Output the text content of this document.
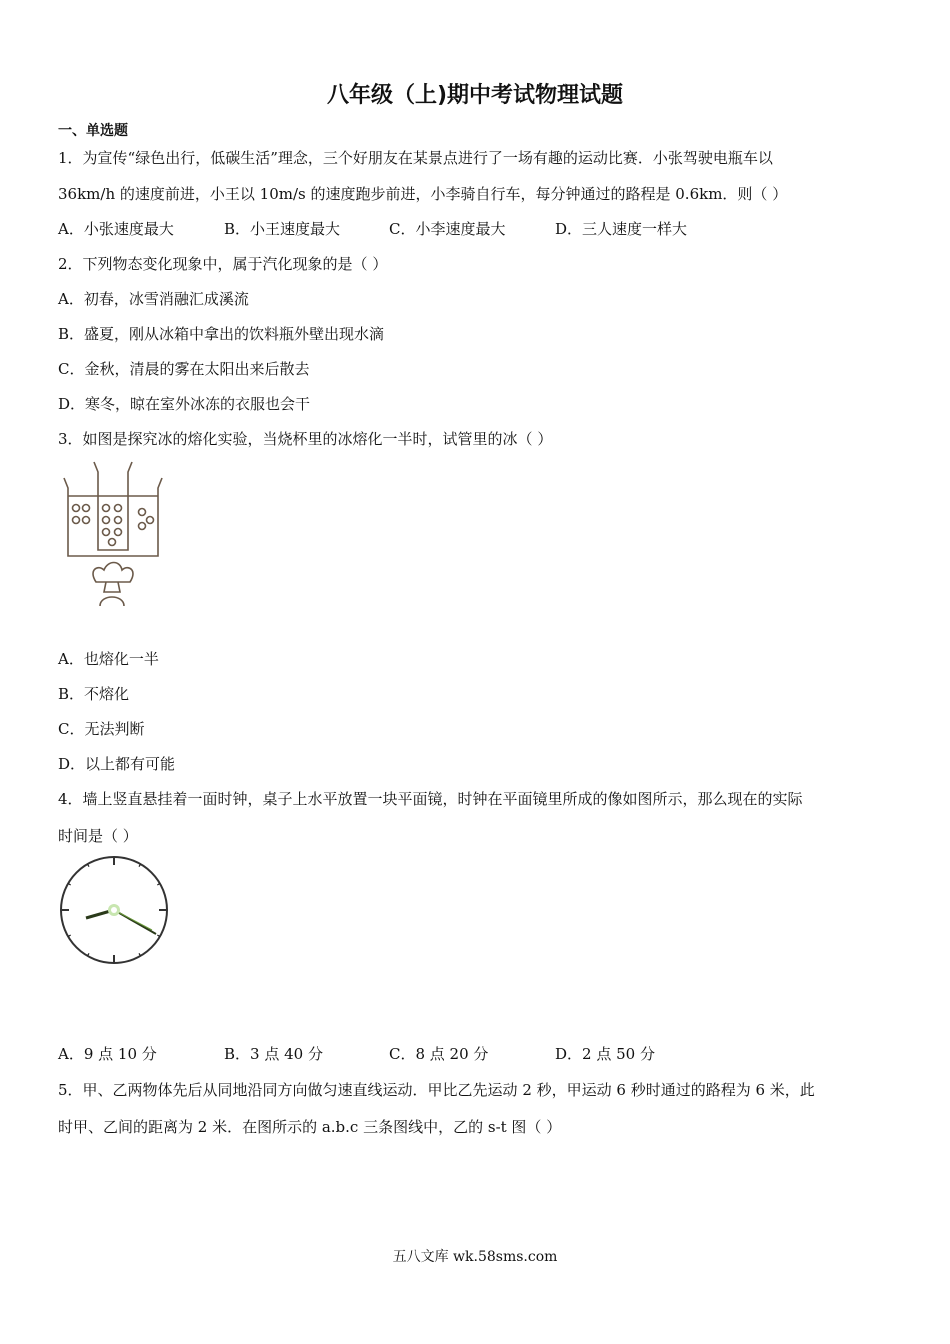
八年级（上)期中考试物理试题
一、单选题
1．为宣传“绿色出行，低碳生活”理念，三个好朋友在某景点进行了一场有趣的运动比赛．小张驾驶电瓶车以
36km/h 的速度前进，小王以 10m/s 的速度跑步前进，小李骑自行车，每分钟通过的路程是 0.6km．则（ ）
A．小张速度最大	B．小王速度最大	C．小李速度最大	D．三人速度一样大
2．下列物态变化现象中，属于汽化现象的是（ ）
A．初春，冰雪消融汇成溪流
B．盛夏，刚从冰箱中拿出的饮料瓶外壁出现水滴
C．金秋，清晨的雾在太阳出来后散去
D．寒冬，晾在室外冰冻的衣服也会干
3．如图是探究冰的熔化实验，当烧杯里的冰熔化一半时，试管里的冰（ ）
A．也熔化一半
B．不熔化
C．无法判断
D．以上都有可能
4．墙上竖直悬挂着一面时钟，桌子上水平放置一块平面镜，时钟在平面镜里所成的像如图所示，那么现在的实际
时间是（ ）
A．9 点 10 分	B．3 点 40 分	C．8 点 20 分	D．2 点 50 分
5．甲、乙两物体先后从同地沿同方向做匀速直线运动．甲比乙先运动 2 秒，甲运动 6 秒时通过的路程为 6 米，此
时甲、乙间的距离为 2 米．在图所示的 a.b.c 三条图线中，乙的 s-t 图（ ）
五八文库 wk.58sms.com
